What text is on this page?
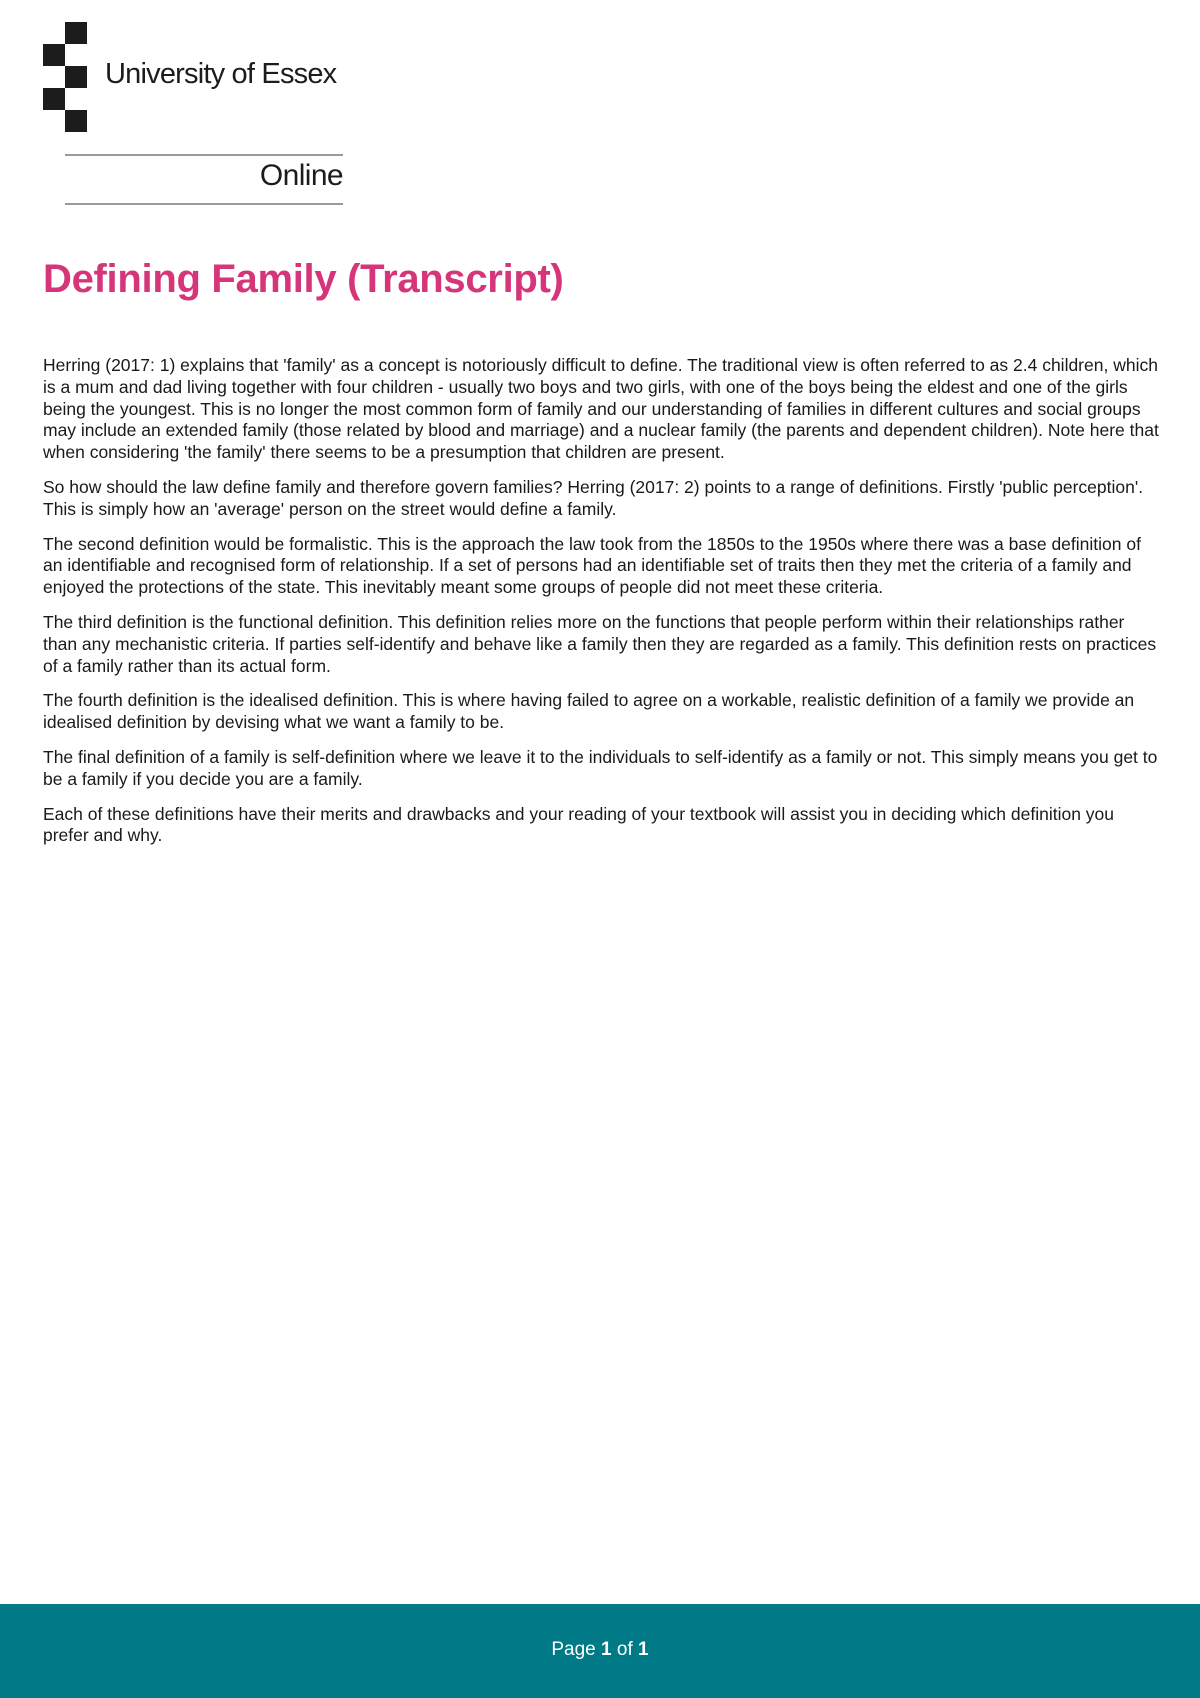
University of Essex
Online
Defining Family (Transcript)

Herring (2017: 1) explains that 'family' as a concept is notoriously difficult to define. The traditional view is often referred to as 2.4 children, which is a mum and dad living together with four children - usually two boys and two girls, with one of the boys being the eldest and one of the girls being the youngest. This is no longer the most common form of family and our understanding of families in different cultures and social groups may include an extended family (those related by blood and marriage) and a nuclear family (the parents and dependent children). Note here that when considering 'the family' there seems to be a presumption that children are present.

So how should the law define family and therefore govern families? Herring (2017: 2) points to a range of definitions. Firstly 'public perception'. This is simply how an 'average' person on the street would define a family.

The second definition would be formalistic. This is the approach the law took from the 1850s to the 1950s where there was a base definition of an identifiable and recognised form of relationship. If a set of persons had an identifiable set of traits then they met the criteria of a family and enjoyed the protections of the state. This inevitably meant some groups of people did not meet these criteria.

The third definition is the functional definition. This definition relies more on the functions that people perform within their relationships rather than any mechanistic criteria. If parties self-identify and behave like a family then they are regarded as a family. This definition rests on practices of a family rather than its actual form.

The fourth definition is the idealised definition. This is where having failed to agree on a workable, realistic definition of a family we provide an idealised definition by devising what we want a family to be.

The final definition of a family is self-definition where we leave it to the individuals to self-identify as a family or not. This simply means you get to be a family if you decide you are a family.

Each of these definitions have their merits and drawbacks and your reading of your textbook will assist you in deciding which definition you prefer and why.

Page 1 of 1
